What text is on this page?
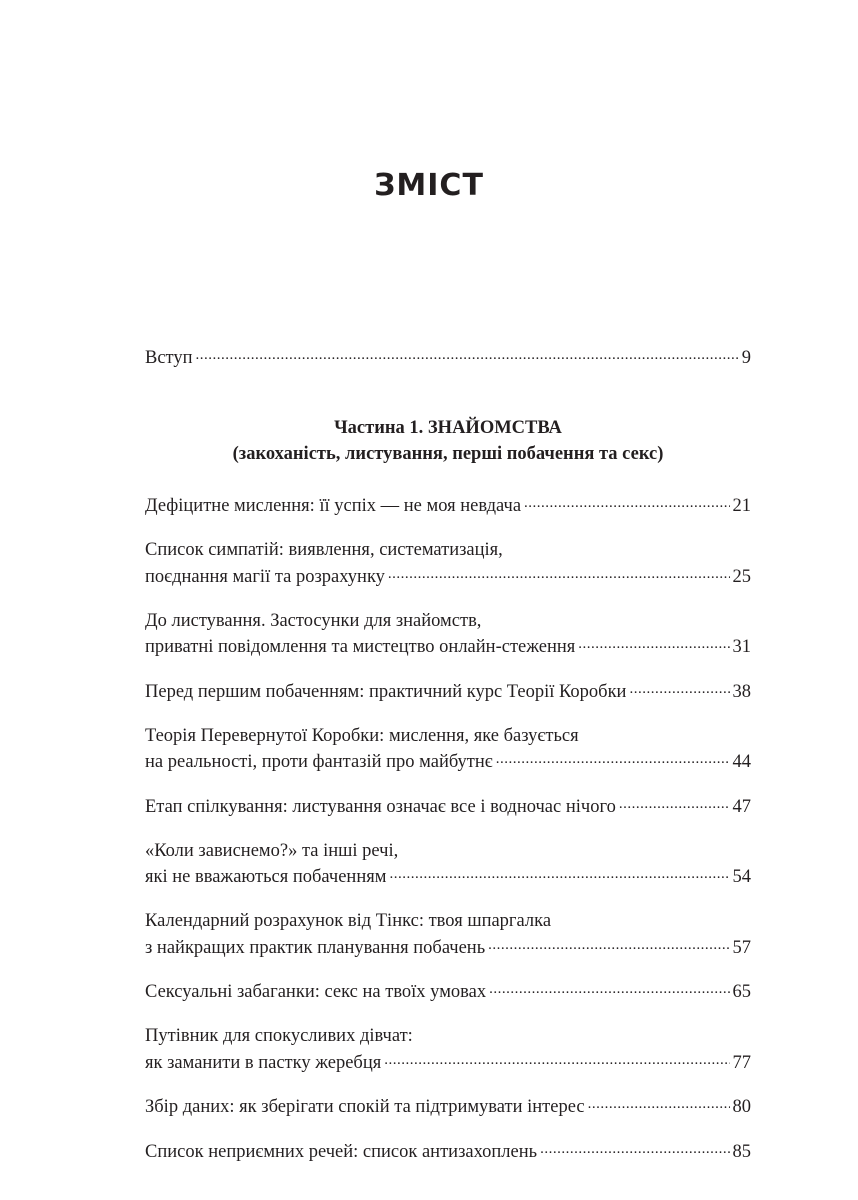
ЗМІСТ
Вступ .....	9
Частина 1. ЗНАЙОМСТВА
(закоханість, листування, перші побачення та секс)
Дефіцитне мислення: її успіх — не моя невдача .....	21
Список симпатій: виявлення, систематизація,
поєднання магії та розрахунку .....	25
До листування. Застосунки для знайомств,
приватні повідомлення та мистецтво онлайн-стеження .....	31
Перед першим побаченням: практичний курс Теорії Коробки .....	38
Теорія Перевернутої Коробки: мислення, яке базується
на реальності, проти фантазій про майбутнє .....	44
Етап спілкування: листування означає все і водночас нічого .....	47
«Коли зависнемо?» та інші речі,
які не вважаються побаченням .....	54
Календарний розрахунок від Тінкс: твоя шпаргалка
з найкращих практик планування побачень .....	57
Сексуальні забаганки: секс на твоїх умовах .....	65
Путівник для спокусливих дівчат:
як заманити в пастку жеребця .....	77
Збір даних: як зберігати спокій та підтримувати інтерес .....	80
Список неприємних речей: список антизахоплень .....	85
